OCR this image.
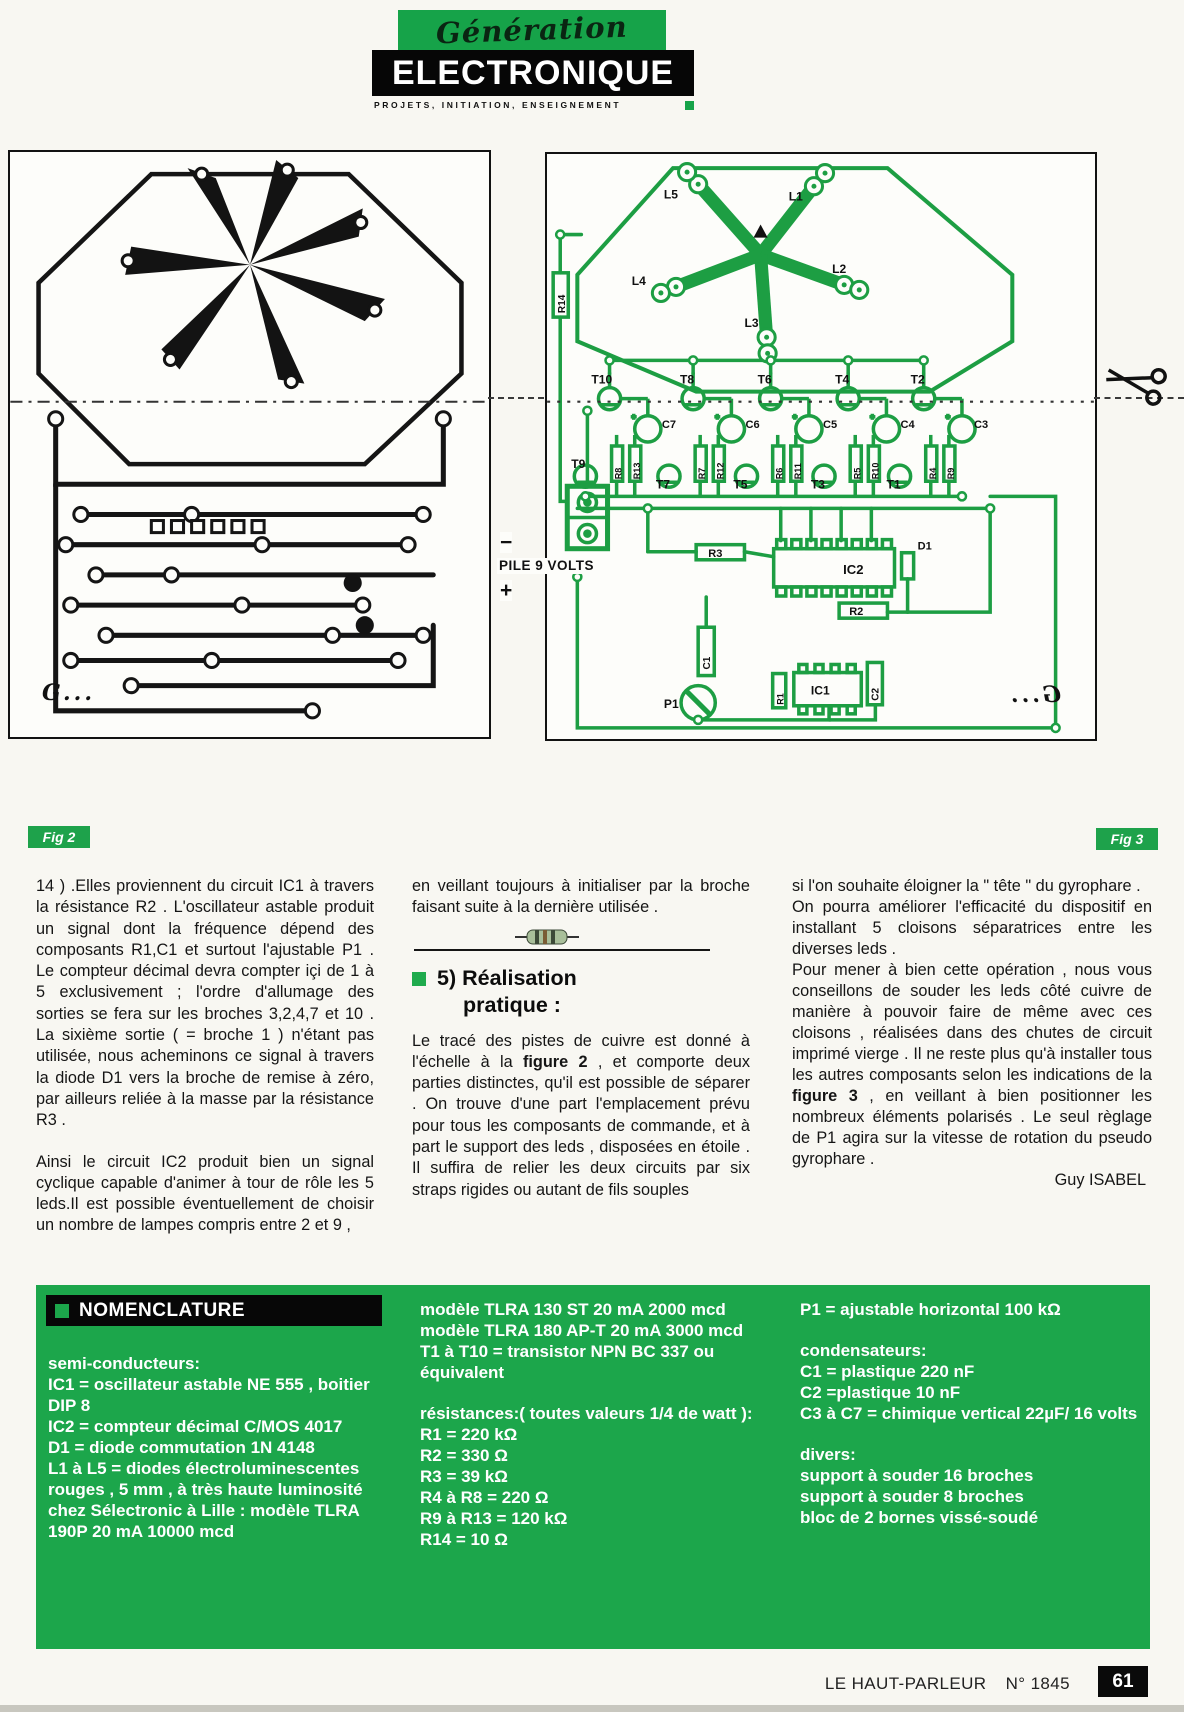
Génération
ELECTRONIQUE
PROJETS, INITIATION, ENSEIGNEMENT
L5	L1
L2
L3
L4
R14
T10	T8	T6	T4	T2
C7	C6	C5	C4	C3
T9
T7	T5	T3	T1
R8 R13	R7 R12	R6 R11	R5 R10	R4 R9
R3
IC2
D1
R2
C1
P1	R1
IC1	C2
Fig 2	Fig 3
−
PILE 9 VOLTS
+
G...	G...

14 ) .Elles proviennent du circuit IC1 à travers la résistance R2 . L'oscillateur astable produit un signal dont la fréquence dépend des composants R1,C1 et surtout l'ajustable P1 . Le compteur décimal devra compter içi de 1 à 5 exclusivement ; l'ordre d'allumage des sorties se fera sur les broches 3,2,4,7 et 10 . La sixième sortie ( = broche 1 ) n'étant pas utilisée, nous acheminons ce signal à travers la diode D1 vers la broche de remise à zéro, par ailleurs reliée à la masse par la résistance R3 .

Ainsi le circuit IC2 produit bien un signal cyclique capable d'animer à tour de rôle les 5 leds.Il est possible éventuellement de choisir un nombre de lampes compris entre 2 et 9 ,

en veillant toujours à initialiser par la broche faisant suite à la dernière utilisée .

5) Réalisation
pratique :

Le tracé des pistes de cuivre est donné à l'échelle à la figure 2 , et comporte deux parties distinctes, qu'il est possible de séparer . On trouve d'une part l'emplacement prévu pour tous les composants de commande, et à part le support des leds , disposées en étoile . Il suffira de relier les deux circuits par six straps rigides ou autant de fils souples

si l'on souhaite éloigner la " tête " du gyrophare .

On pourra améliorer l'efficacité du dispositif en installant 5 cloisons séparatrices entre les diverses leds .

Pour mener à bien cette opération , nous vous conseillons de souder les leds côté cuivre de manière à pouvoir faire de même avec ces cloisons , réalisées dans des chutes de circuit imprimé vierge . Il ne reste plus qu'à installer tous les autres composants selon les indications de la figure 3 , en veillant à bien positionner les nombreux éléments polarisés . Le seul règlage de P1 agira sur la vitesse de rotation du pseudo gyrophare .

Guy ISABEL

NOMENCLATURE
semi-conducteurs:
IC1 = oscillateur astable NE 555 , boitier DIP 8
IC2 = compteur décimal C/MOS 4017
D1 = diode commutation 1N 4148
L1 à L5 = diodes électroluminescentes rouges , 5 mm , à très haute luminosité chez Sélectronic à Lille : modèle TLRA 190P 20 mA 10000 mcd
modèle TLRA 130 ST 20 mA 2000 mcd
modèle TLRA 180 AP-T 20 mA 3000 mcd
T1 à T10 = transistor NPN BC 337 ou équivalent
résistances:( toutes valeurs 1/4 de watt ):
R1 = 220 kΩ
R2 = 330 Ω
R3 = 39 kΩ
R4 à R8 = 220 Ω
R9 à R13 = 120 kΩ
R14 = 10 Ω
P1 = ajustable horizontal 100 kΩ
condensateurs:
C1 = plastique 220 nF
C2 =plastique 10 nF
C3 à C7 = chimique vertical 22µF/ 16 volts
divers:
support à souder 16 broches
support à souder 8 broches
bloc de 2 bornes vissé-soudé
LE HAUT-PARLEUR N° 1845	61
